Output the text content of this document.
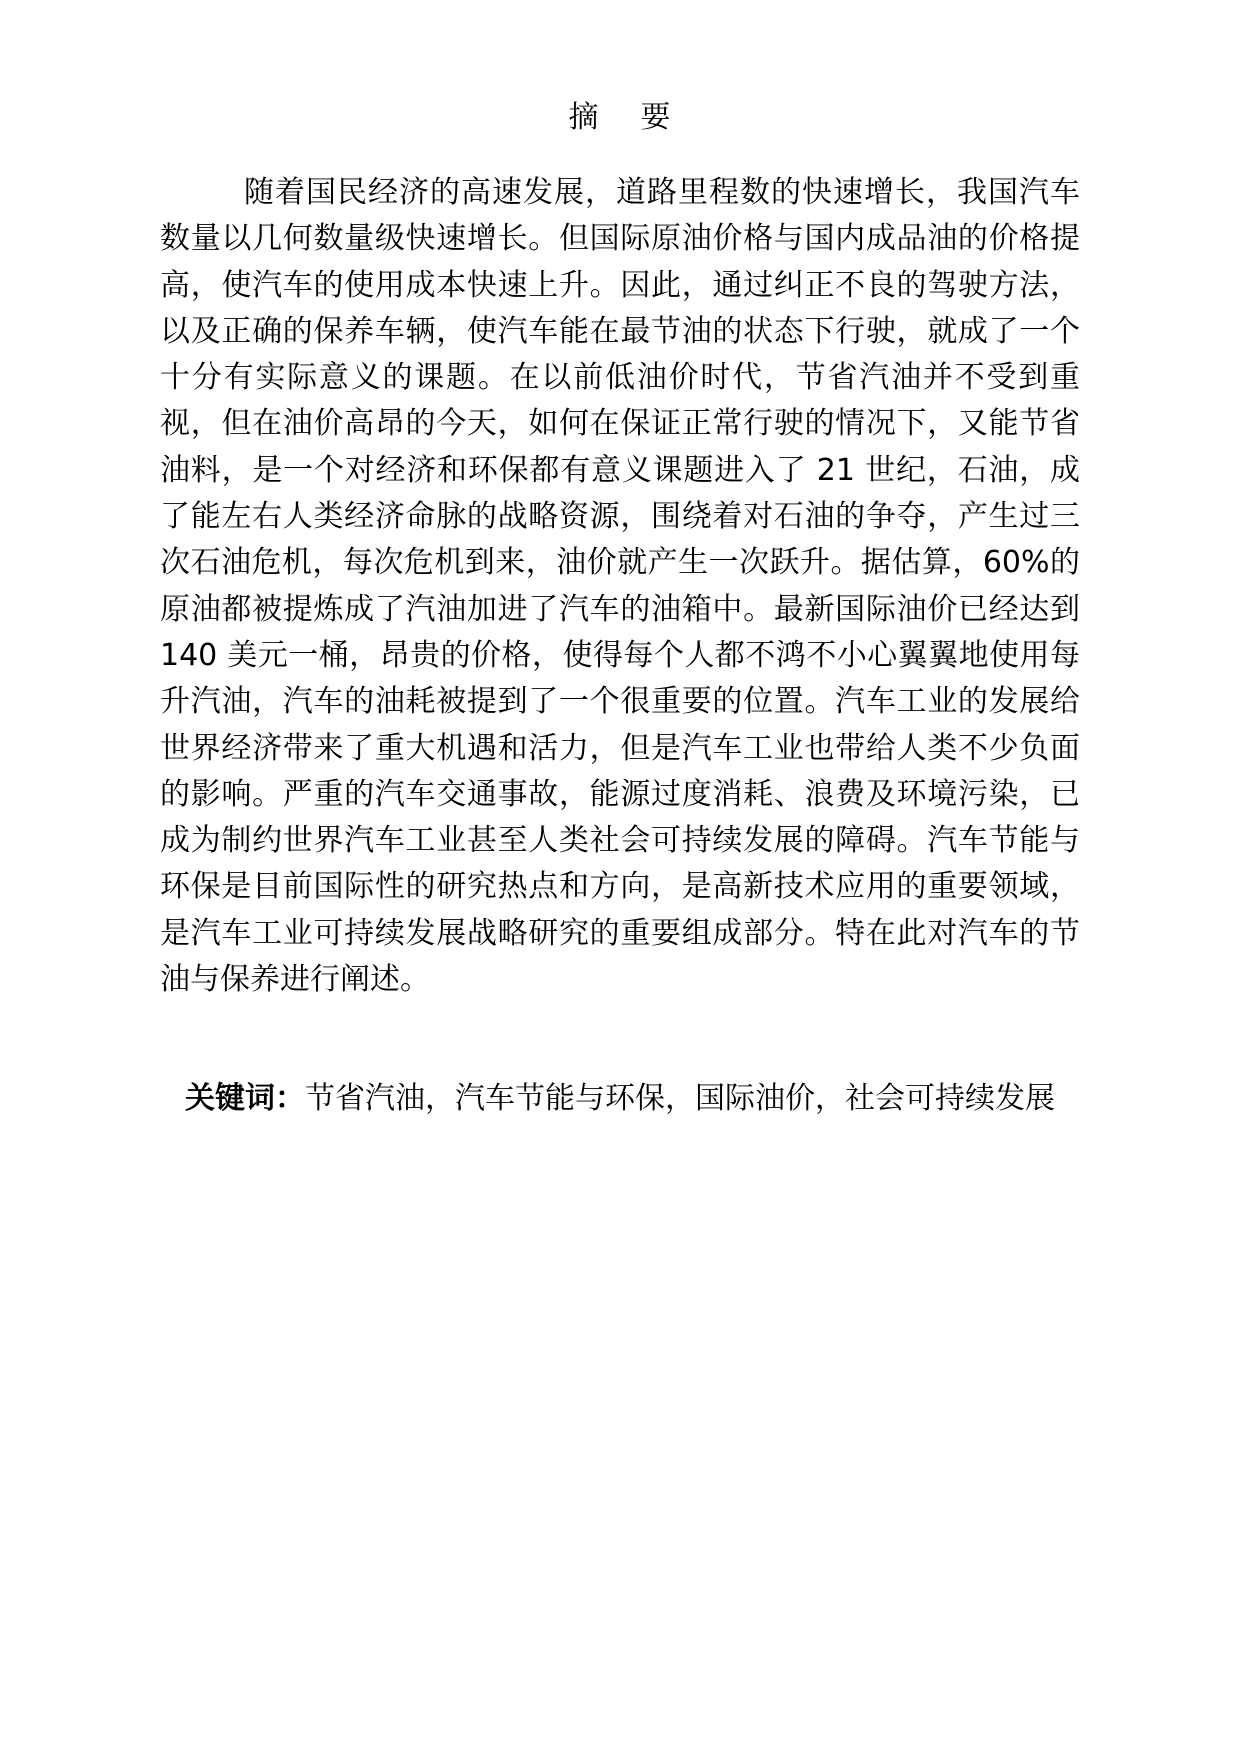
摘 要

随着国民经济的高速发展，道路里程数的快速增长，我国汽车数量以几何数量级快速增长。但国际原油价格与国内成品油的价格提高，使汽车的使用成本快速上升。因此，通过纠正不良的驾驶方法，以及正确的保养车辆，使汽车能在最节油的状态下行驶，就成了一个十分有实际意义的课题。在以前低油价时代，节省汽油并不受到重视，但在油价高昂的今天，如何在保证正常行驶的情况下，又能节省油料，是一个对经济和环保都有意义课题进入了 21 世纪，石油，成了能左右人类经济命脉的战略资源，围绕着对石油的争夺，产生过三次石油危机，每次危机到来，油价就产生一次跃升。据估算，60%的原油都被提炼成了汽油加进了汽车的油箱中。最新国际油价已经达到 140 美元一桶，昂贵的价格，使得每个人都不鸿不小心翼翼地使用每升汽油，汽车的油耗被提到了一个很重要的位置。汽车工业的发展给世界经济带来了重大机遇和活力，但是汽车工业也带给人类不少负面的影响。严重的汽车交通事故，能源过度消耗、浪费及环境污染，已成为制约世界汽车工业甚至人类社会可持续发展的障碍。汽车节能与环保是目前国际性的研究热点和方向，是高新技术应用的重要领域，是汽车工业可持续发展战略研究的重要组成部分。特在此对汽车的节油与保养进行阐述。

关键词：节省汽油，汽车节能与环保，国际油价，社会可持续发展
